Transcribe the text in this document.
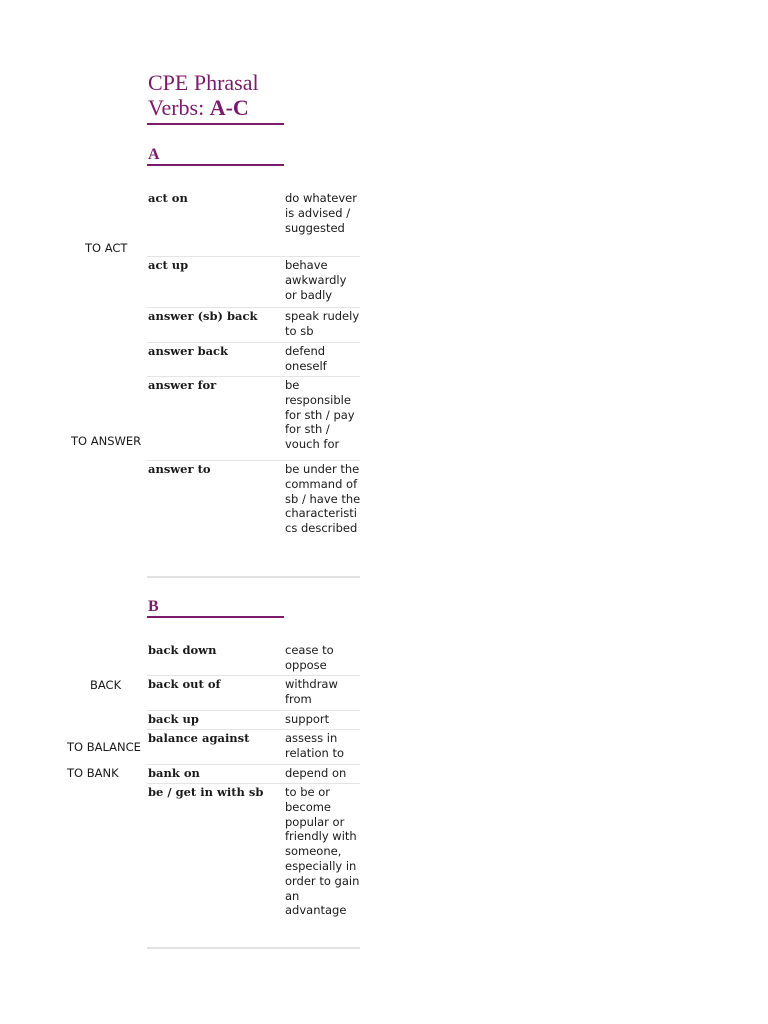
CPE Phrasal
Verbs: A-C
A
TO ACT
TO ANSWER
act on	do whatever
is advised /
suggested
act up	behave
awkwardly
or badly
answer (sb) back	speak rudely
to sb
answer back	defend
oneself
answer for	be
responsible
for sth / pay
for sth /
vouch for
answer to	be under the
command of
sb / have the
characteristi
cs described
B
BACK
TO BALANCE
TO BANK
back down	cease to
oppose
back out of	withdraw
from
back up	support
balance against	assess in
relation to
bank on	depend on
be / get in with sb	to be or
become
popular or
friendly with
someone,
especially in
order to gain
an
advantage
